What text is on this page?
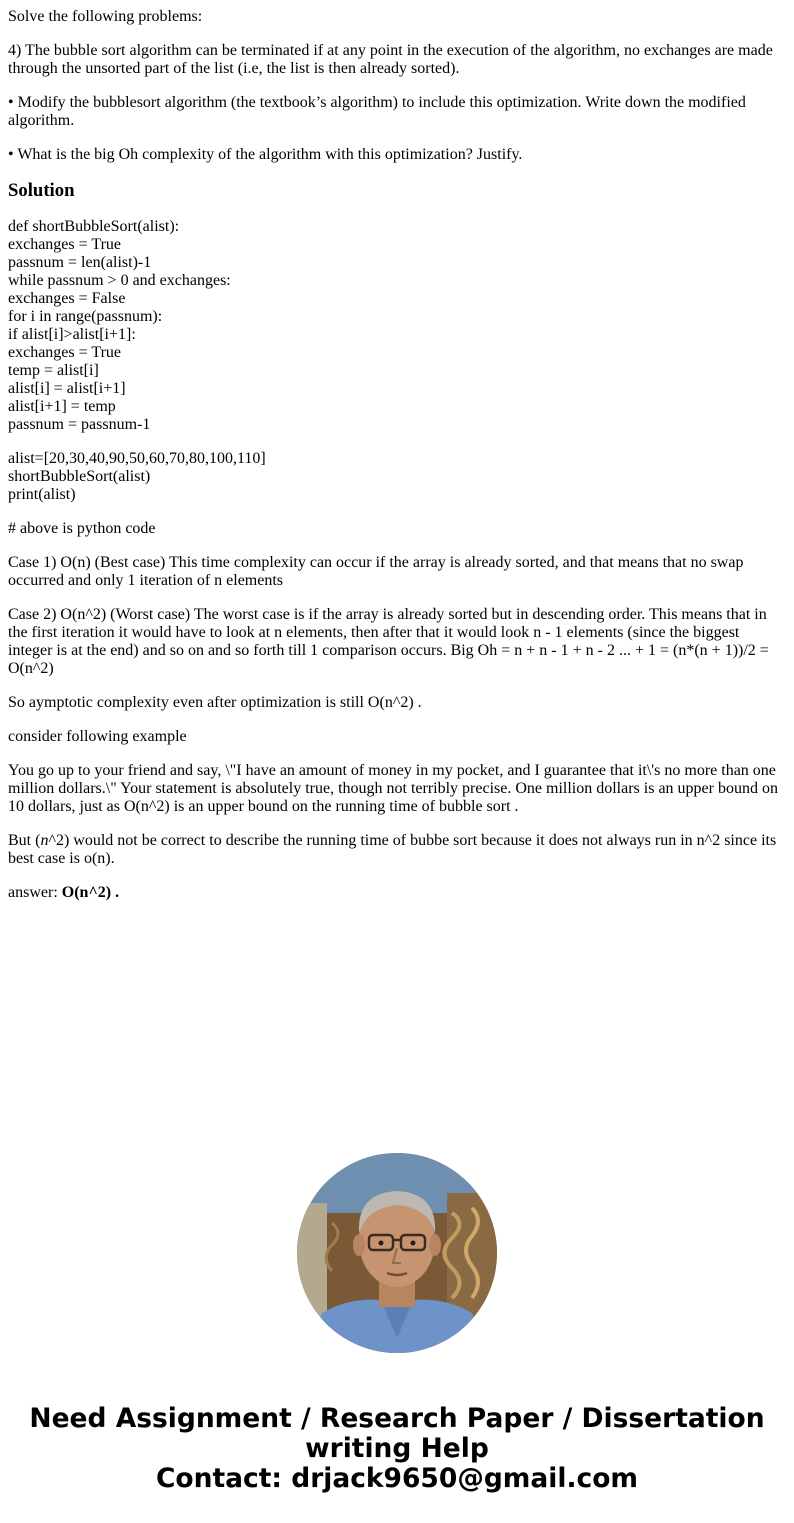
Solve the following problems:

4) The bubble sort algorithm can be terminated if at any point in the execution of the algorithm, no exchanges are made through the unsorted part of the list (i.e, the list is then already sorted).

• Modify the bubblesort algorithm (the textbook’s algorithm) to include this optimization. Write down the modified algorithm.

• What is the big Oh complexity of the algorithm with this optimization? Justify.

Solution

def shortBubbleSort(alist):
exchanges = True
passnum = len(alist)-1
while passnum > 0 and exchanges:
exchanges = False
for i in range(passnum):
if alist[i]>alist[i+1]:
exchanges = True
temp = alist[i]
alist[i] = alist[i+1]
alist[i+1] = temp
passnum = passnum-1

alist=[20,30,40,90,50,60,70,80,100,110]
shortBubbleSort(alist)
print(alist)

# above is python code

Case 1) O(n) (Best case) This time complexity can occur if the array is already sorted, and that means that no swap occurred and only 1 iteration of n elements

Case 2) O(n^2) (Worst case) The worst case is if the array is already sorted but in descending order. This means that in the first iteration it would have to look at n elements, then after that it would look n - 1 elements (since the biggest integer is at the end) and so on and so forth till 1 comparison occurs. Big Oh = n + n - 1 + n - 2 ... + 1 = (n*(n + 1))/2 = O(n^2)

So aymptotic complexity even after optimization is still O(n^2) .

consider following example

You go up to your friend and say, \"I have an amount of money in my pocket, and I guarantee that it\'s no more than one million dollars.\" Your statement is absolutely true, though not terribly precise. One million dollars is an upper bound on 10 dollars, just as O(n^2) is an upper bound on the running time of bubble sort .

But (n^2) would not be correct to describe the running time of bubbe sort because it does not always run in n^2 since its best case is o(n).

answer: O(n^2) .

Need Assignment / Research Paper / Dissertation
writing Help
Contact: drjack9650@gmail.com
